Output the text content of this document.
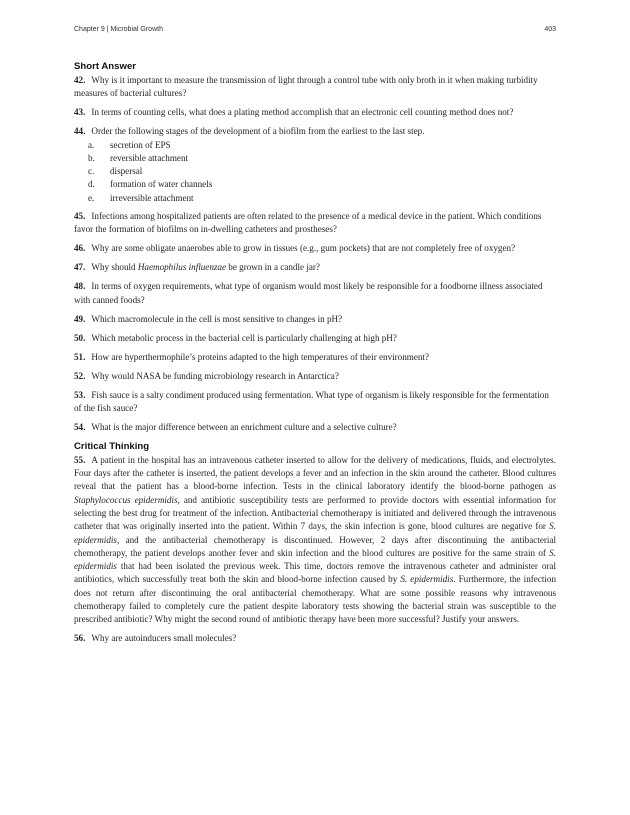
Chapter 9 | Microbial Growth	403
Short Answer

42. Why is it important to measure the transmission of light through a control tube with only broth in it when making turbidity measures of bacterial cultures?

43. In terms of counting cells, what does a plating method accomplish that an electronic cell counting method does not?

44. Order the following stages of the development of a biofilm from the earliest to the last step.

a.	secretion of EPS
b.	reversible attachment
c.	dispersal
d.	formation of water channels
e.	irreversible attachment

45. Infections among hospitalized patients are often related to the presence of a medical device in the patient. Which conditions favor the formation of biofilms on in-dwelling catheters and prostheses?

46. Why are some obligate anaerobes able to grow in tissues (e.g., gum pockets) that are not completely free of oxygen?

47. Why should Haemophilus influenzae be grown in a candle jar?

48. In terms of oxygen requirements, what type of organism would most likely be responsible for a foodborne illness associated with canned foods?

49. Which macromolecule in the cell is most sensitive to changes in pH?

50. Which metabolic process in the bacterial cell is particularly challenging at high pH?

51. How are hyperthermophile’s proteins adapted to the high temperatures of their environment?

52. Why would NASA be funding microbiology research in Antarctica?

53. Fish sauce is a salty condiment produced using fermentation. What type of organism is likely responsible for the fermentation of the fish sauce?

54. What is the major difference between an enrichment culture and a selective culture?

Critical Thinking

55. A patient in the hospital has an intravenous catheter inserted to allow for the delivery of medications, fluids, and electrolytes. Four days after the catheter is inserted, the patient develops a fever and an infection in the skin around the catheter. Blood cultures reveal that the patient has a blood-borne infection. Tests in the clinical laboratory identify the blood-borne pathogen as Staphylococcus epidermidis, and antibiotic susceptibility tests are performed to provide doctors with essential information for selecting the best drug for treatment of the infection. Antibacterial chemotherapy is initiated and delivered through the intravenous catheter that was originally inserted into the patient. Within 7 days, the skin infection is gone, blood cultures are negative for S. epidermidis, and the antibacterial chemotherapy is discontinued. However, 2 days after discontinuing the antibacterial chemotherapy, the patient develops another fever and skin infection and the blood cultures are positive for the same strain of S. epidermidis that had been isolated the previous week. This time, doctors remove the intravenous catheter and administer oral antibiotics, which successfully treat both the skin and blood-borne infection caused by S. epidermidis. Furthermore, the infection does not return after discontinuing the oral antibacterial chemotherapy. What are some possible reasons why intravenous chemotherapy failed to completely cure the patient despite laboratory tests showing the bacterial strain was susceptible to the prescribed antibiotic? Why might the second round of antibiotic therapy have been more successful? Justify your answers.

56. Why are autoinducers small molecules?
